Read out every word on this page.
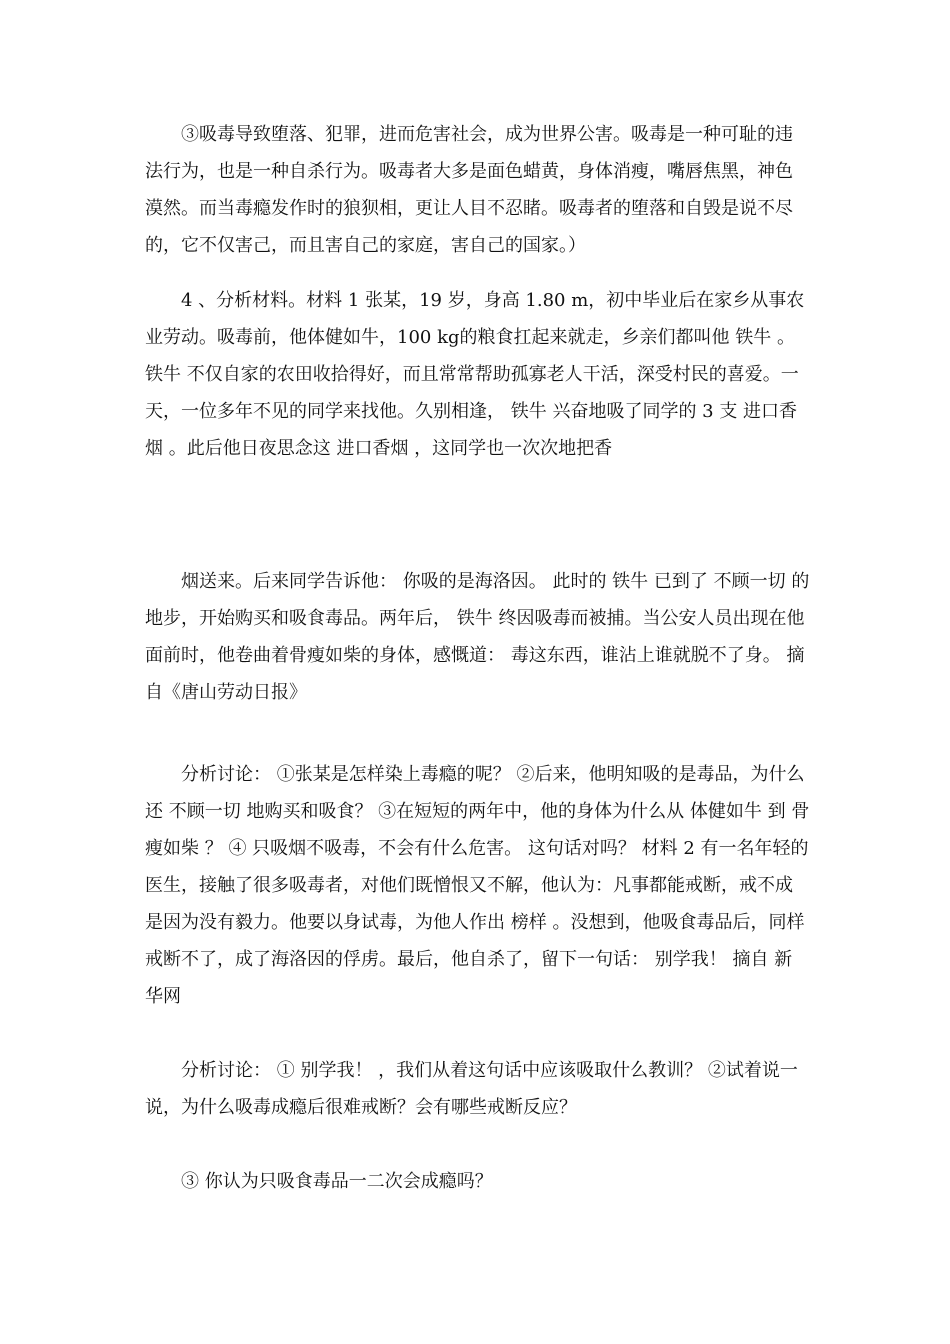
③吸毒导致堕落、犯罪，进而危害社会，成为世界公害。吸毒是一种可耻的违法行为，也是一种自杀行为。吸毒者大多是面色蜡黄，身体消瘦，嘴唇焦黑，神色漠然。而当毒瘾发作时的狼狈相，更让人目不忍睹。吸毒者的堕落和自毁是说不尽的，它不仅害己，而且害自己的家庭，害自己的国家。）

4 、分析材料。材料 1 张某，19 岁，身高 1.80 m，初中毕业后在家乡从事农业劳动。吸毒前，他体健如牛，100 kg的粮食扛起来就走，乡亲们都叫他 铁牛 。 铁牛 不仅自家的农田收拾得好，而且常常帮助孤寡老人干活，深受村民的喜爱。一天，一位多年不见的同学来找他。久别相逢， 铁牛 兴奋地吸了同学的 3 支 进口香烟 。此后他日夜思念这 进口香烟 ，这同学也一次次地把香

烟送来。后来同学告诉他： 你吸的是海洛因。 此时的 铁牛 已到了 不顾一切 的地步，开始购买和吸食毒品。两年后， 铁牛 终因吸毒而被捕。当公安人员出现在他面前时，他卷曲着骨瘦如柴的身体，感慨道： 毒这东西，谁沾上谁就脱不了身。 摘自《唐山劳动日报》

分析讨论： ①张某是怎样染上毒瘾的呢？ ②后来，他明知吸的是毒品，为什么还 不顾一切 地购买和吸食？ ③在短短的两年中，他的身体为什么从 体健如牛 到 骨瘦如柴 ？ ④ 只吸烟不吸毒，不会有什么危害。 这句话对吗？ 材料 2 有一名年轻的医生，接触了很多吸毒者，对他们既憎恨又不解，他认为：凡事都能戒断，戒不成是因为没有毅力。他要以身试毒，为他人作出 榜样 。没想到，他吸食毒品后，同样戒断不了，成了海洛因的俘虏。最后，他自杀了，留下一句话： 别学我！ 摘自 新华网

分析讨论： ① 别学我！ ，我们从着这句话中应该吸取什么教训？ ②试着说一说，为什么吸毒成瘾后很难戒断？会有哪些戒断反应？

③ 你认为只吸食毒品一二次会成瘾吗？
